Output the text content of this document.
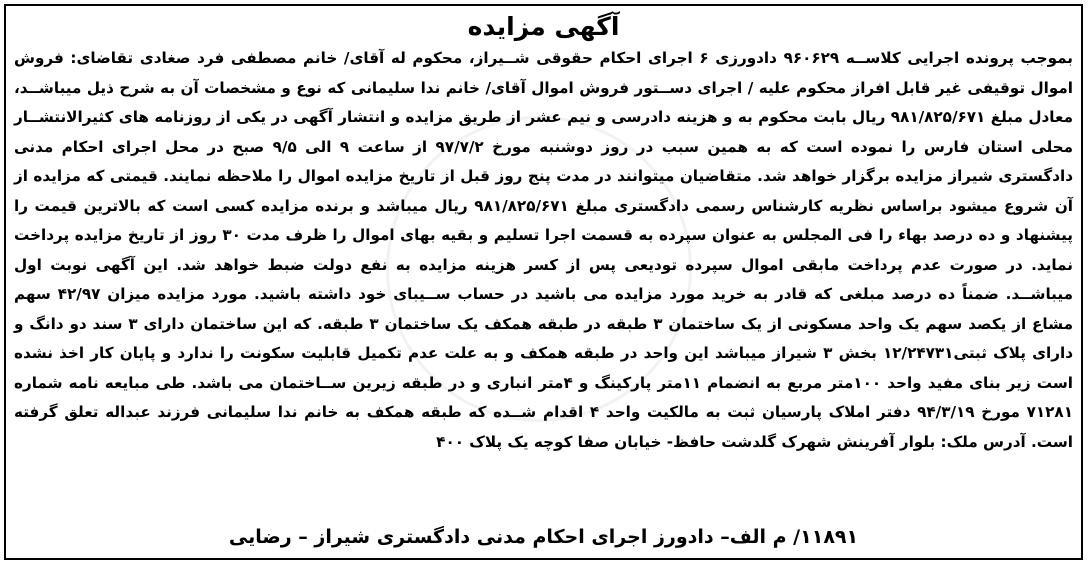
آگهی مزایده

بموجب پرونده اجرایی کلاســه ۹۶۰۶۲۹ دادورزی ۶ اجرای احکام حقوقی شــیراز، محکوم له آقای/ خانم مصطفی فرد صغادی تقاضای: فروش اموال توقیفی غیر قابل افراز محکوم علیه / اجرای دســتور فروش اموال آقای/ خانم ندا سلیمانی که نوع و مشخصات آن به شرح ذیل میباشــد، معادل مبلغ ۹۸۱/۸۲۵/۶۷۱ ریال بابت محکوم به و هزینه دادرسی و نیم عشر از طریق مزایده و انتشار آگهی در یکی از روزنامه های کثیرالانتشــار محلی استان فارس را نموده است که به همین سبب در روز دوشنبه مورخ ۹۷/۷/۲ از ساعت ۹ الی ۹/۵ صبح در محل اجرای احکام مدنی دادگستری شیراز مزایده برگزار خواهد شد. متقاضیان میتوانند در مدت پنج روز قبل از تاریخ مزایده اموال را ملاحظه نمایند. قیمتی که مزایده از آن شروع میشود براساس نظریه کارشناس رسمی دادگستری مبلغ ۹۸۱/۸۲۵/۶۷۱ ریال میباشد و برنده مزایده کسی است که بالاترین قیمت را پیشنهاد و ده درصد بهاء را فی المجلس به عنوان سپرده به قسمت اجرا تسلیم و بقیه بهای اموال را ظرف مدت ۳۰ روز از تاریخ مزایده پرداخت نماید. در صورت عدم پرداخت مابقی اموال سپرده تودیعی پس از کسر هزینه مزایده به نفع دولت ضبط خواهد شد. این آگهی نوبت اول میباشــد. ضمناً ده درصد مبلغی که قادر به خرید مورد مزایده می باشید در حساب ســیبای خود داشته باشید. مورد مزایده میزان ۴۲/۹۷ سهم مشاع از یکصد سهم یک واحد مسکونی از یک ساختمان ۳ طبقه در طبقه همکف یک ساختمان ۳ طبقه. که این ساختمان دارای ۳ سند دو دانگ و دارای پلاک ثبتی۱۲/۲۴۷۳۱ بخش ۳ شیراز میباشد این واحد در طبقه همکف و به علت عدم تکمیل قابلیت سکونت را ندارد و پایان کار اخذ نشده است زیر بنای مفید واحد ۱۰۰متر مربع به انضمام ۱۱متر پارکینگ و ۴متر انباری و در طبقه زیرین ســاختمان می باشد. طی مبایعه نامه شماره ۷۱۲۸۱ مورخ ۹۴/۳/۱۹ دفتر املاک پارسیان ثبت به مالکیت واحد ۴ اقدام شــده که طبقه همکف به خانم ندا سلیمانی فرزند عبداله تعلق گرفته است. آدرس ملک: بلوار آفرینش شهرک گلدشت حافظ- خیابان صفا کوچه یک پلاک ۴۰۰

۱۱۸۹۱/ م الف– دادورز اجرای احکام مدنی دادگستری شیراز – رضایی
